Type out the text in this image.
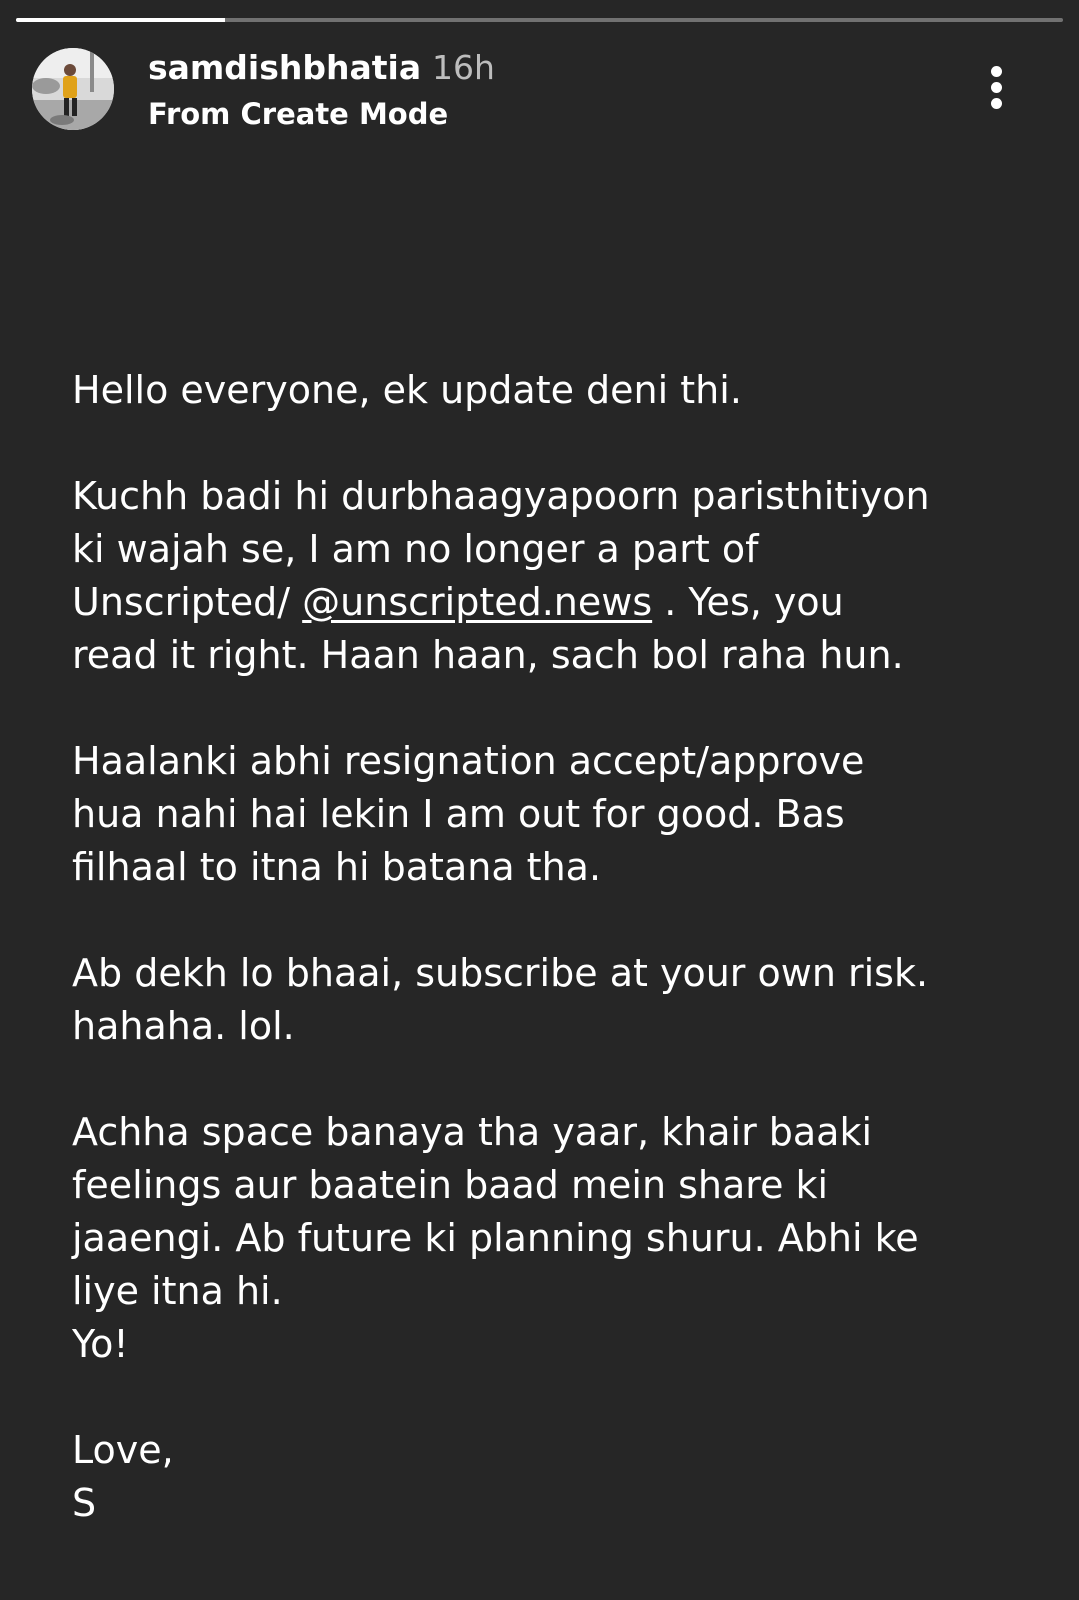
samdishbhatia 16h
From Create Mode
Hello everyone, ek update deni thi.
Kuchh badi hi durbhaagyapoorn paristhitiyon
ki wajah se, I am no longer a part of
Unscripted/ @unscripted.news . Yes, you
read it right. Haan haan, sach bol raha hun.
Haalanki abhi resignation accept/approve
hua nahi hai lekin I am out for good. Bas
filhaal to itna hi batana tha.
Ab dekh lo bhaai, subscribe at your own risk.
hahaha. lol.
Achha space banaya tha yaar, khair baaki
feelings aur baatein baad mein share ki
jaaengi. Ab future ki planning shuru. Abhi ke
liye itna hi.
Yo!
Love,
S
